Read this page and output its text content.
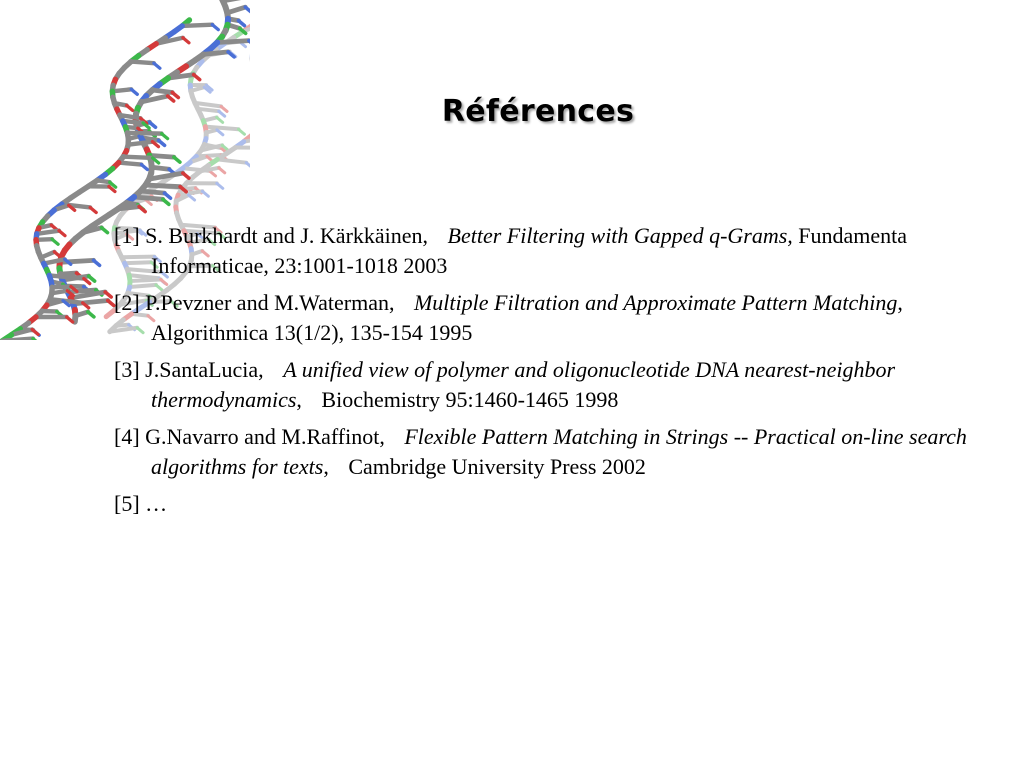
Références
[1] S. Burkhardt and J. Kärkkäinen, Better Filtering with Gapped q-Grams, Fundamenta Informaticae, 23:1001-1018 2003
[2] P.Pevzner and M.Waterman, Multiple Filtration and Approximate Pattern Matching, Algorithmica 13(1/2), 135-154 1995
[3] J.SantaLucia, A unified view of polymer and oligonucleotide DNA nearest-neighbor thermodynamics, Biochemistry 95:1460-1465 1998
[4] G.Navarro and M.Raffinot, Flexible Pattern Matching in Strings -- Practical on-line search algorithms for texts, Cambridge University Press 2002
[5] …
